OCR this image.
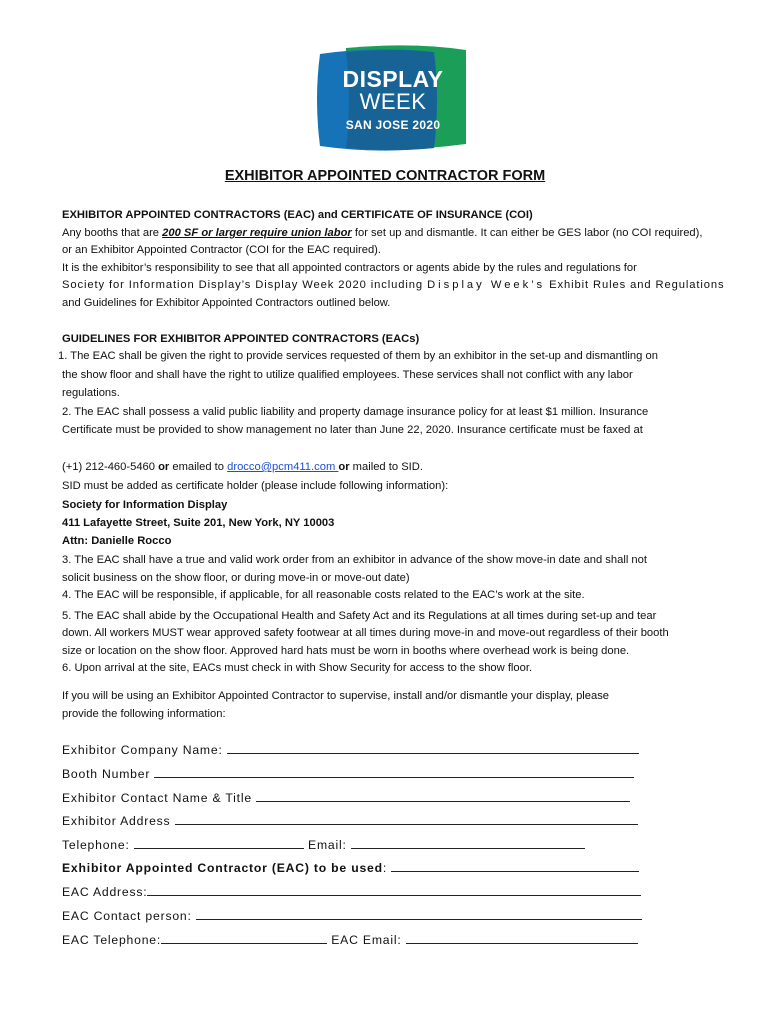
DISPLAY
WEEK
SAN JOSE 2020
EXHIBITOR APPOINTED CONTRACTOR FORM
EXHIBITOR APPOINTED CONTRACTORS (EAC) and CERTIFICATE OF INSURANCE (COI)
Any booths that are 200 SF or larger require union labor for set up and dismantle. It can either be GES labor (no COI required),
or an Exhibitor Appointed Contractor (COI for the EAC required).
It is the exhibitor’s responsibility to see that all appointed contractors or agents abide by the rules and regulations for
Society for Information Display’s Display Week 2020 including Display Week’s Exhibit Rules and Regulations
and Guidelines for Exhibitor Appointed Contractors outlined below.
GUIDELINES FOR EXHIBITOR APPOINTED CONTRACTORS (EACs)
1. The EAC shall be given the right to provide services requested of them by an exhibitor in the set-up and dismantling on
the show floor and shall have the right to utilize qualified employees. These services shall not conflict with any labor
regulations.
2. The EAC shall possess a valid public liability and property damage insurance policy for at least $1 million. Insurance
Certificate must be provided to show management no later than June 22, 2020. Insurance certificate must be faxed at
(+1) 212-460-5460 or emailed to drocco@pcm411.com or mailed to SID.
SID must be added as certificate holder (please include following information):
Society for Information Display
411 Lafayette Street, Suite 201, New York, NY 10003
Attn: Danielle Rocco
3. The EAC shall have a true and valid work order from an exhibitor in advance of the show move-in date and shall not
solicit business on the show floor, or during move-in or move-out date)
4. The EAC will be responsible, if applicable, for all reasonable costs related to the EAC’s work at the site.
5. The EAC shall abide by the Occupational Health and Safety Act and its Regulations at all times during set-up and tear
down. All workers MUST wear approved safety footwear at all times during move-in and move-out regardless of their booth
size or location on the show floor. Approved hard hats must be worn in booths where overhead work is being done.
6. Upon arrival at the site, EACs must check in with Show Security for access to the show floor.
If you will be using an Exhibitor Appointed Contractor to supervise, install and/or dismantle your display, please
provide the following information:
Exhibitor Company Name:
Booth Number
Exhibitor Contact Name & Title
Exhibitor Address
Telephone:	Email:
Exhibitor Appointed Contractor (EAC) to be used:
EAC Address:
EAC Contact person:
EAC Telephone:	EAC Email:
